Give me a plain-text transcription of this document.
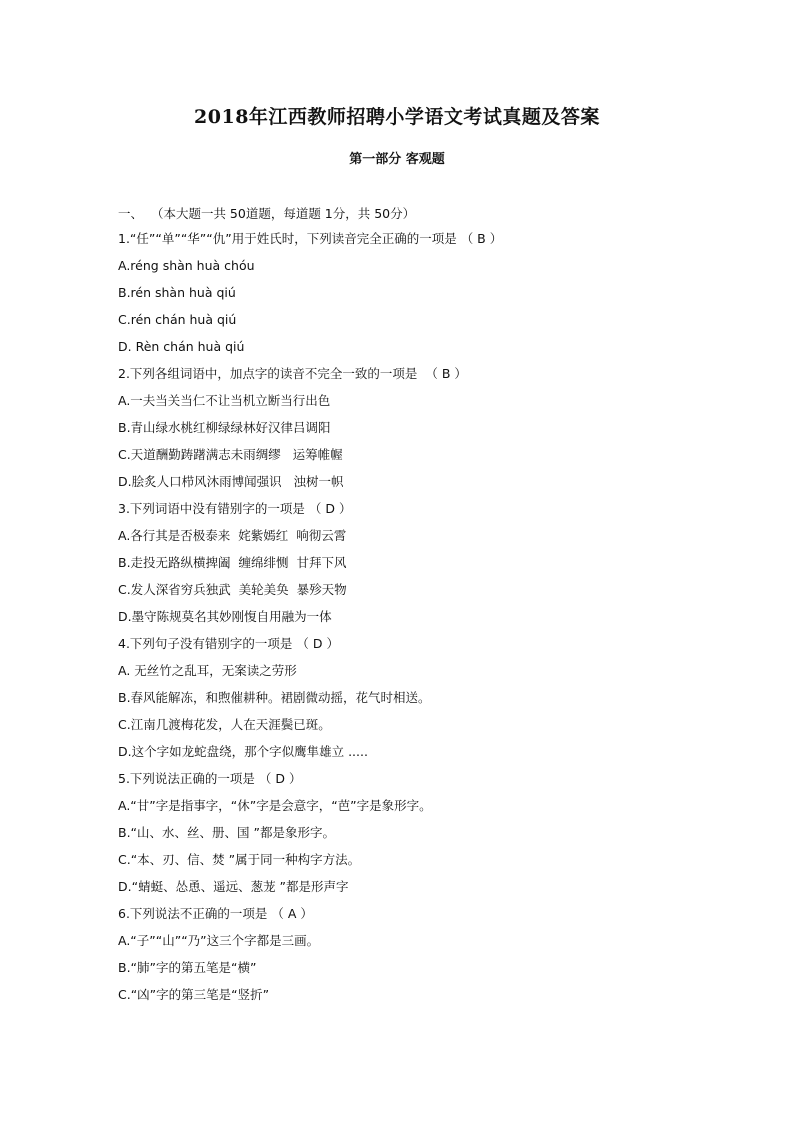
2018年江西教师招聘小学语文考试真题及答案
第一部分 客观题
一、  （本大题一共 50道题，每道题 1分，共 50分）
1.“任”“单”“华”“仇”用于姓氏时，下列读音完全正确的一项是 （ B ）
A.réng shàn huà chóu
B.rén shàn huà qiú
C.rén chán huà qiú
D. Rèn chán huà qiú
2.下列各组词语中，加点字的读音不完全一致的一项是  （ B ）
A.一夫当关当仁不让当机立断当行出色
B.青山绿水桃红柳绿绿林好汉律吕调阳
C.天道酬勤踌躇满志未雨绸缪   运筹帷幄
D.脍炙人口栉风沐雨博闻强识   浊树一帜
3.下列词语中没有错别字的一项是 （ D ）
A.各行其是否极泰来  姹紫嫣红  响彻云霄
B.走投无路纵横捭阖  缠绵绯恻  甘拜下风
C.发人深省穷兵独武  美轮美奂  暴殄天物
D.墨守陈规莫名其妙刚愎自用融为一体
4.下列句子没有错别字的一项是 （ D ）
A. 无丝竹之乱耳，无案读之劳形
B.春风能解冻，和煦催耕种。裙剧微动摇，花气时相送。
C.江南几渡梅花发，人在天涯鬓已斑。
D.这个字如龙蛇盘绕，那个字似鹰隼雄立 .....
5.下列说法正确的一项是 （ D ）
A.“甘”字是指事字，“休”字是会意字，“芭”字是象形字。
B.“山、水、丝、册、国 ”都是象形字。
C.“本、刃、信、焚 ”属于同一种构字方法。
D.“蜻蜓、怂恿、遥远、葱茏 ”都是形声字
6.下列说法不正确的一项是 （ A ）
A.“子”“山”“乃”这三个字都是三画。
B.“肺”字的第五笔是“横”
C.“凶”字的第三笔是“竖折”
